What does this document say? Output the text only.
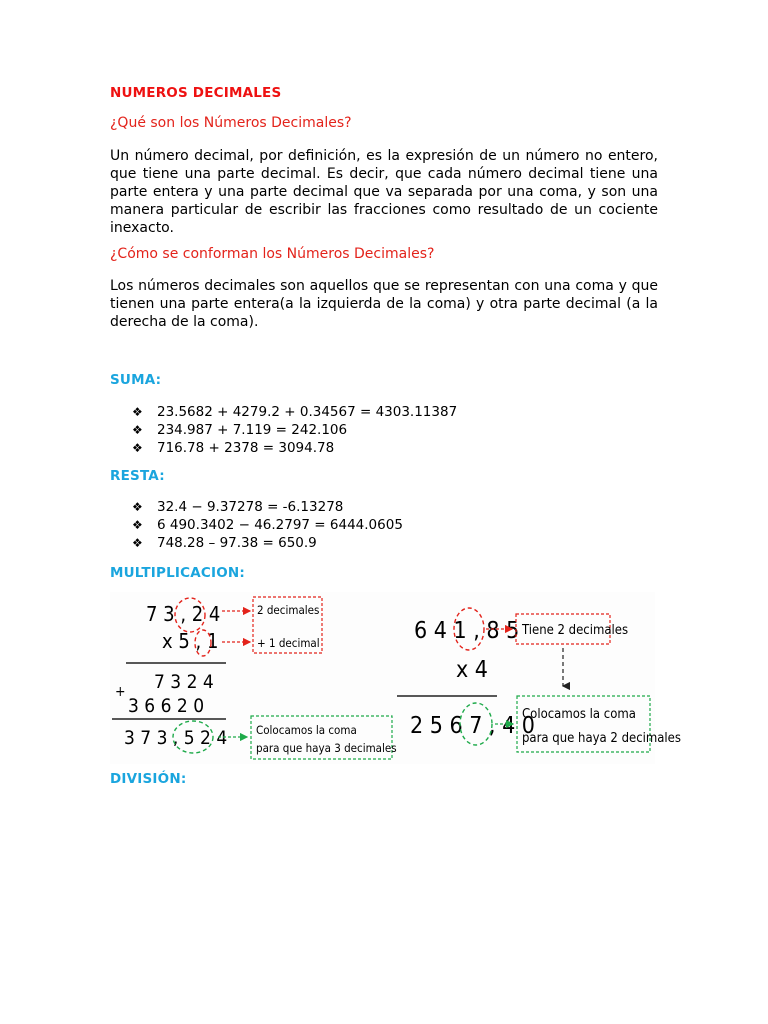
NUMEROS DECIMALES
¿Qué son los Números Decimales?

Un número decimal, por definición, es la expresión de un número no entero, que tiene una parte decimal. Es decir, que cada número decimal tiene una parte entera y una parte decimal que va separada por una coma, y son una manera particular de escribir las fracciones como resultado de un cociente inexacto.

¿Cómo se conforman los Números Decimales?

Los números decimales son aquellos que se representan con una coma y que tienen una parte entera(a la izquierda de la coma) y otra parte decimal (a la derecha de la coma).

SUMA:
❖ 23.5682 + 4279.2 + 0.34567 = 4303.11387
❖ 234.987 + 7.119 = 242.106
❖ 716.78 + 2378 = 3094.78
RESTA:
❖ 32.4 − 9.37278 = -6.13278
❖ 6 490.3402 − 46.2797 = 6444.0605
❖ 748.28 – 97.38 = 650.9
MULTIPLICACION:
DIVISIÓN:
7 3 , 2 4
x 5 , 1
7 3 2 4
+
3 6 6 2 0
3 7 3 , 5 2 4
2 decimales
+ 1 decimal
Colocamos la coma
para que haya 3 decimales
6 4 1 , 8 5
x 4
2 5 6 7 , 4 0
Tiene 2 decimales
Colocamos la coma
para que haya 2 decimales
